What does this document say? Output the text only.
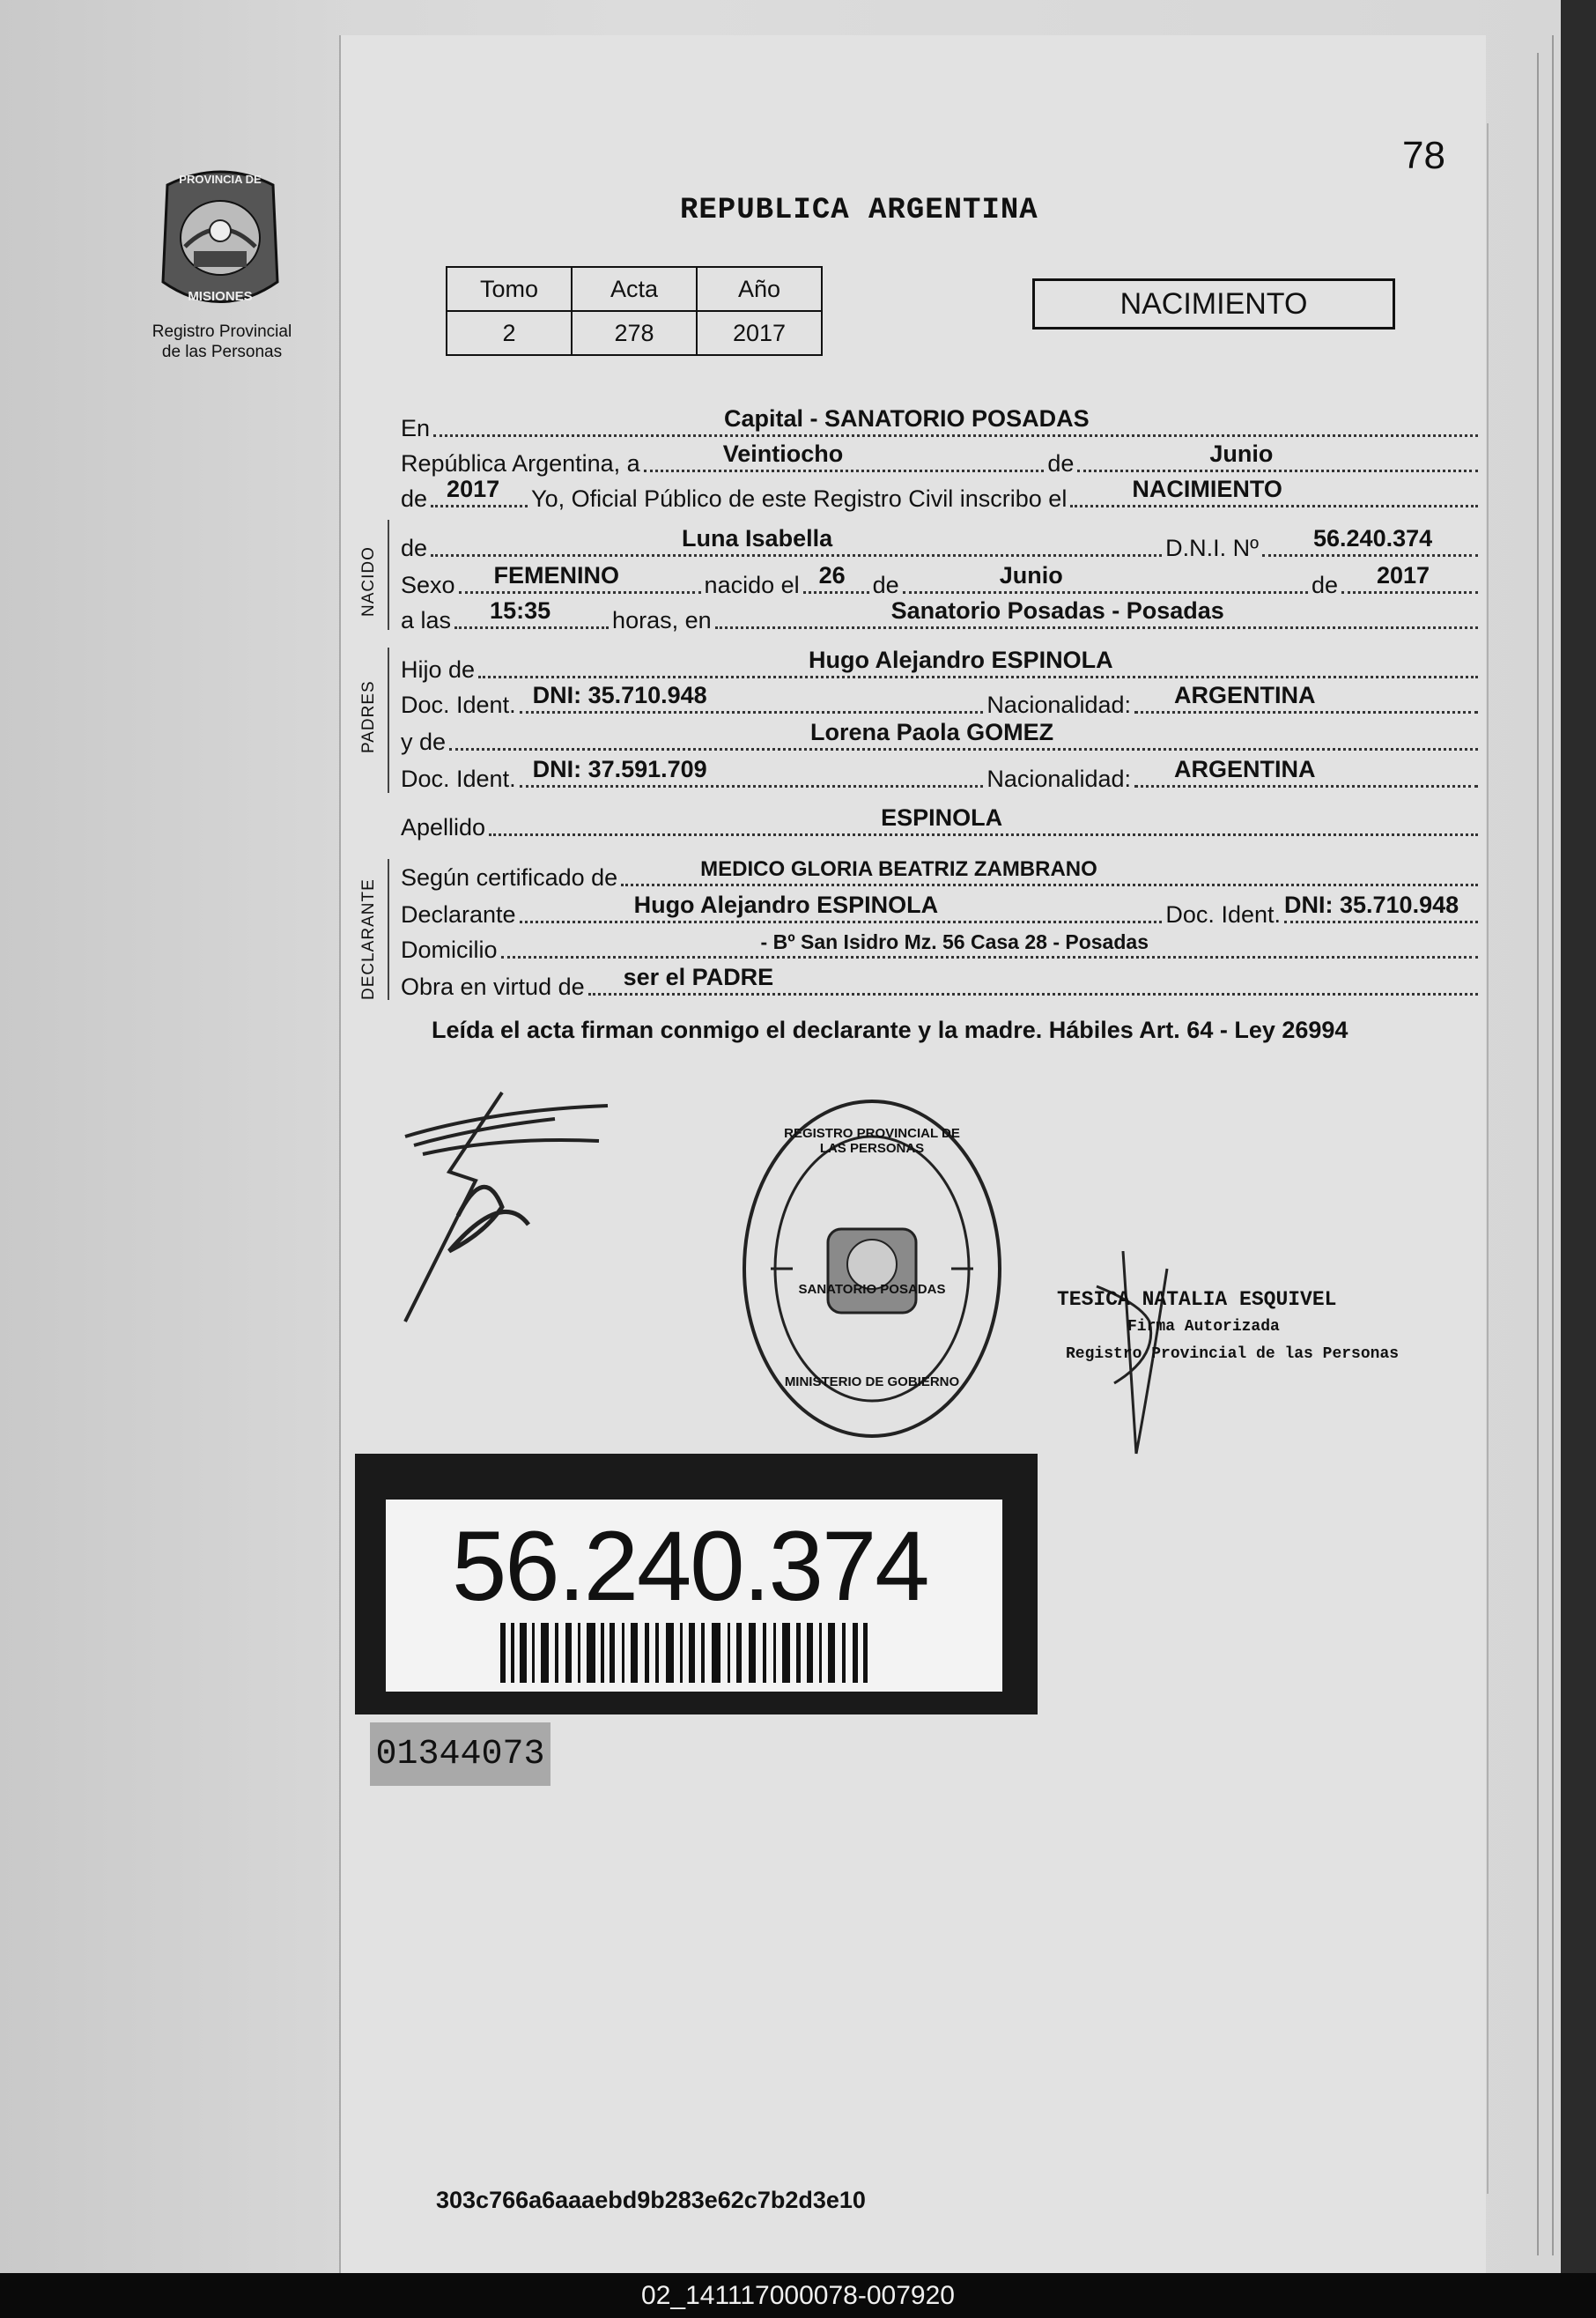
PROVINCIA DE
MISIONES
Registro Provincial
de las Personas
78
REPUBLICA ARGENTINA
Tomo	Acta	Año
2	278	2017
NACIMIENTO
En	Capital - SANATORIO POSADAS
República Argentina, a	Veintiocho	de	Junio
de 2017 Yo, Oficial Público de este Registro Civil inscribo el	NACIMIENTO
NACIDO de	Luna Isabella	D.N.I. Nº 56.240.374
Sexo FEMENINO	nacido el 26 de	Junio	de 2017
a las 15:35	horas, en	Sanatorio Posadas - Posadas
PADRES
Hijo de	Hugo Alejandro ESPINOLA
Doc. Ident. DNI: 35.710.948	Nacionalidad: ARGENTINA
y de	Lorena Paola GOMEZ
Doc. Ident. DNI: 37.591.709	Nacionalidad: ARGENTINA
Apellido	ESPINOLA
DECLARANTE
Según certificado de	MEDICO GLORIA BEATRIZ ZAMBRANO
Declarante	Hugo Alejandro ESPINOLA	Doc. Ident. DNI: 35.710.948
Domicilio	- Bº San Isidro Mz. 56 Casa 28 - Posadas
Obra en virtud de ser el PADRE
Leída el acta firman conmigo el declarante y la madre. Hábiles Art. 64 - Ley 26994
REGISTRO PROVINCIAL DE LAS PERSONAS
SANATORIO POSADAS
MINISTERIO DE GOBIERNO
TESICA NATALIA ESQUIVEL
Firma Autorizada
Registro Provincial de las Personas
56.240.374
01344073
303c766a6aaaebd9b283e62c7b2d3e10
02_141117000078-007920
